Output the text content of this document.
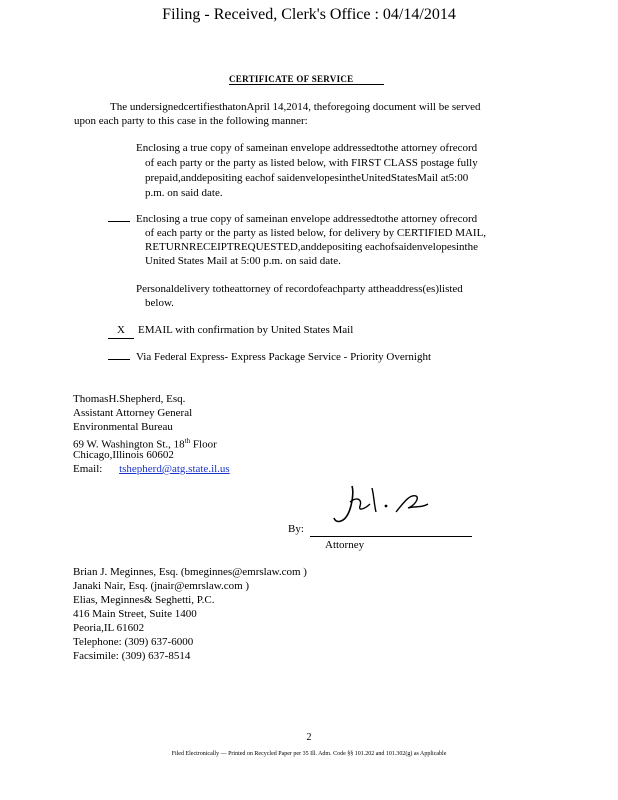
Filing - Received, Clerk's Office : 04/14/2014
CERTIFICATE OF SERVICE
The undersignedcertifiesthatonApril 14,2014, theforegoing document will be served
upon each party to this case in the following manner:
Enclosing a true copy of sameinan envelope addressedtothe attorney ofrecord
of each party or the party as listed below, with FIRST CLASS postage fully
prepaid,anddepositing eachof saidenvelopesintheUnitedStatesMail at5:00
p.m. on said date.
Enclosing a true copy of sameinan envelope addressedtothe attorney ofrecord
of each party or the party as listed below, for delivery by CERTIFIED MAIL,
RETURNRECEIPTREQUESTED,anddepositing eachofsaidenvelopesinthe
United States Mail at 5:00 p.m. on said date.
Personaldelivery totheattorney of recordofeachparty attheaddress(es)listed
below.
X EMAIL with confirmation by United States Mail
Via Federal Express- Express Package Service - Priority Overnight
ThomasH.Shepherd, Esq.
Assistant Attorney General
Environmental Bureau
69 W. Washington St., 18th Floor
Chicago,Illinois 60602
Email: tshepherd@atg.state.il.us
By:
Attorney
Brian J. Meginnes, Esq. (bmeginnes@emrslaw.com )
Janaki Nair, Esq. (jnair@emrslaw.com )
Elias, Meginnes& Seghetti, P.C.
416 Main Street, Suite 1400
Peoria,IL 61602
Telephone: (309) 637-6000
Facsimile: (309) 637-8514
2
Filed Electronically — Printed on Recycled Paper per 35 Ill. Adm. Code §§ 101.202 and 101.302(g) as Applicable
